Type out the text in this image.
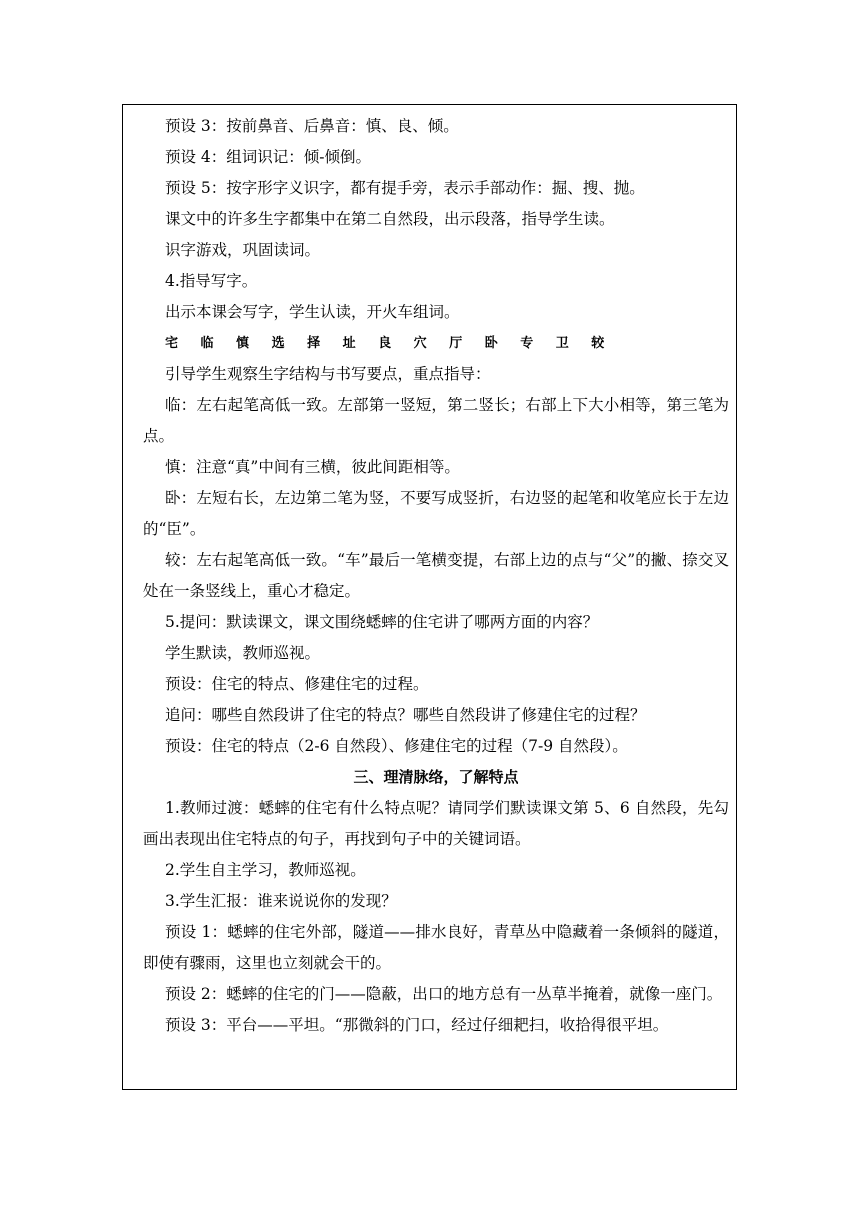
预设 3：按前鼻音、后鼻音：慎、良、倾。

预设 4：组词识记：倾-倾倒。

预设 5：按字形字义识字，都有提手旁，表示手部动作：掘、搜、抛。

课文中的许多生字都集中在第二自然段，出示段落，指导学生读。

识字游戏，巩固读词。

4.指导写字。

出示本课会写字，学生认读，开火车组词。

宅 临 慎 选 择 址 良 穴 厅 卧 专 卫 较

引导学生观察生字结构与书写要点，重点指导：

临：左右起笔高低一致。左部第一竖短，第二竖长；右部上下大小相等，第三笔为点。

慎：注意“真”中间有三横，彼此间距相等。

卧：左短右长，左边第二笔为竖，不要写成竖折，右边竖的起笔和收笔应长于左边的“臣”。

较：左右起笔高低一致。“车”最后一笔横变提，右部上边的点与“父”的撇、捺交叉处在一条竖线上，重心才稳定。

5.提问：默读课文，课文围绕蟋蟀的住宅讲了哪两方面的内容？

学生默读，教师巡视。

预设：住宅的特点、修建住宅的过程。

追问：哪些自然段讲了住宅的特点？哪些自然段讲了修建住宅的过程？

预设：住宅的特点（2-6 自然段）、修建住宅的过程（7-9 自然段）。

三、理清脉络，了解特点

1.教师过渡：蟋蟀的住宅有什么特点呢？请同学们默读课文第 5、6 自然段，先勾画出表现出住宅特点的句子，再找到句子中的关键词语。

2.学生自主学习，教师巡视。

3.学生汇报：谁来说说你的发现？

预设 1：蟋蟀的住宅外部，隧道——排水良好，青草丛中隐藏着一条倾斜的隧道，即使有骤雨，这里也立刻就会干的。

预设 2：蟋蟀的住宅的门——隐蔽，出口的地方总有一丛草半掩着，就像一座门。

预设 3：平台——平坦。“那微斜的门口，经过仔细耙扫，收拾得很平坦。
